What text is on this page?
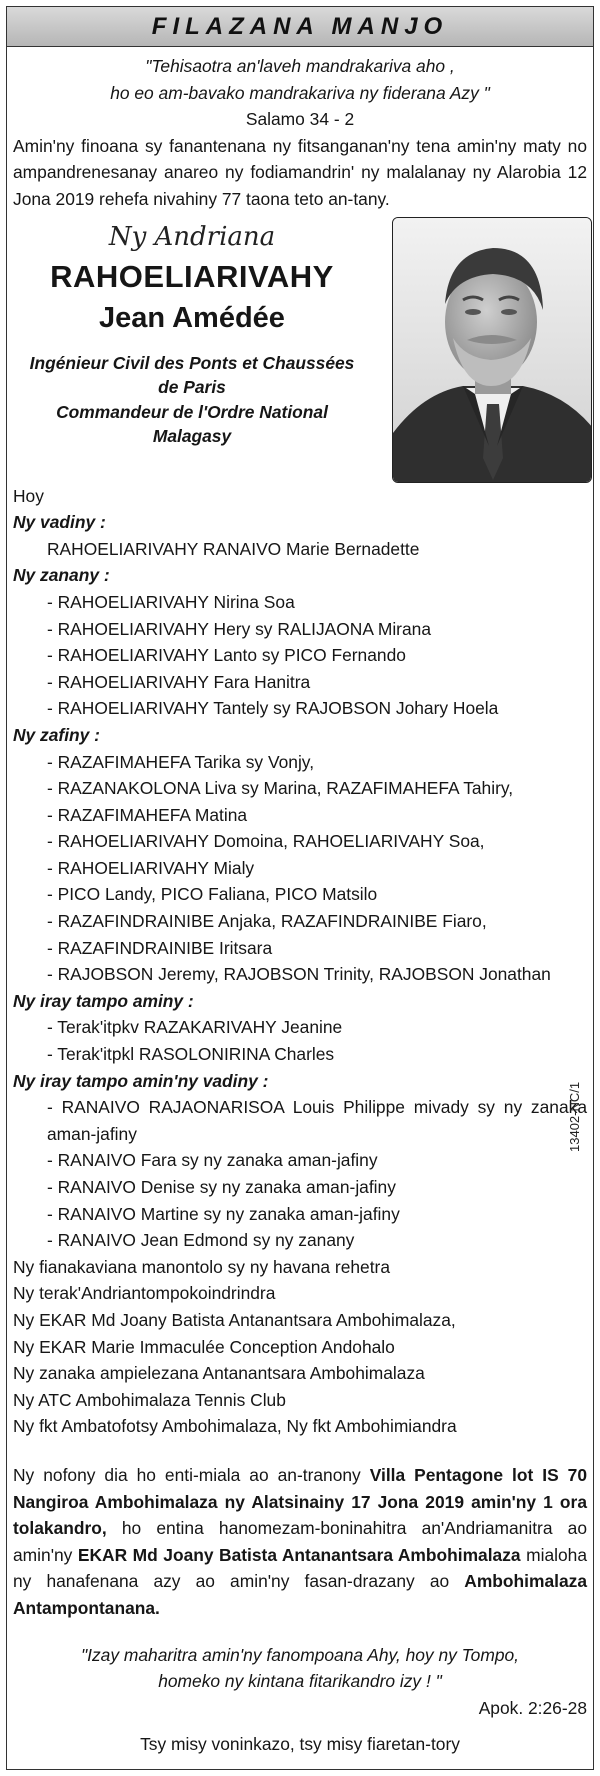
FILAZANA MANJO
"Tehisaotra an'laveh mandrakariva aho ,
ho eo am-bavako mandrakariva ny fiderana Azy "
Salamo 34 - 2
Amin'ny finoana sy fanantenana ny fitsanganan'ny tena amin'ny maty no ampandrenesanay anareo ny fodiamandrin' ny malalanay ny Alarobia 12 Jona 2019 rehefa nivahiny 77 taona teto an-tany.
Ny Andriana
RAHOELIARIVAHY
Jean Amédée
Ingénieur Civil des Ponts et Chaussées
de Paris
Commandeur de l'Ordre National
Malagasy
Hoy
Ny vadiny :
RAHOELIARIVAHY RANAIVO Marie Bernadette
Ny zanany :
- RAHOELIARIVAHY Nirina Soa
- RAHOELIARIVAHY Hery sy RALIJAONA Mirana
- RAHOELIARIVAHY Lanto sy PICO Fernando
- RAHOELIARIVAHY Fara Hanitra
- RAHOELIARIVAHY Tantely sy RAJOBSON Johary Hoela
Ny zafiny :
- RAZAFIMAHEFA Tarika sy Vonjy,
- RAZANAKOLONA Liva sy Marina, RAZAFIMAHEFA Tahiry,
- RAZAFIMAHEFA Matina
- RAHOELIARIVAHY Domoina, RAHOELIARIVAHY Soa,
- RAHOELIARIVAHY Mialy
- PICO Landy, PICO Faliana, PICO Matsilo
- RAZAFINDRAINIBE Anjaka, RAZAFINDRAINIBE Fiaro,
- RAZAFINDRAINIBE Iritsara
- RAJOBSON Jeremy, RAJOBSON Trinity, RAJOBSON Jonathan
Ny iray tampo aminy :
- Terak'itpkv RAZAKARIVAHY Jeanine
- Terak'itpkl RASOLONIRINA Charles
Ny iray tampo amin'ny vadiny :
- RANAIVO RAJAONARISOA Louis Philippe mivady sy ny zanaka aman-jafiny
- RANAIVO Fara sy ny zanaka aman-jafiny
- RANAIVO Denise sy ny zanaka aman-jafiny
- RANAIVO Martine sy ny zanaka aman-jafiny
- RANAIVO Jean Edmond sy ny zanany
Ny fianakaviana manontolo sy ny havana rehetra
Ny terak'Andriantompokoindrindra
Ny EKAR Md Joany Batista Antanantsara Ambohimalaza,
Ny EKAR Marie Immaculée Conception Andohalo
Ny zanaka ampielezana Antanantsara Ambohimalaza
Ny ATC Ambohimalaza Tennis Club
Ny fkt Ambatofotsy Ambohimalaza, Ny fkt Ambohimiandra
Ny nofony dia ho enti-miala ao an-tranony Villa Pentagone lot IS 70 Nangiroa Ambohimalaza ny Alatsinainy 17 Jona 2019 amin'ny 1 ora tolakandro, ho entina hanomezam-boninahitra an'Andriamanitra ao amin'ny EKAR Md Joany Batista Antanantsara Ambohimalaza mialoha ny hanafenana azy ao amin'ny fasan-drazany ao Ambohimalaza Antampontanana.
"Izay maharitra amin'ny fanompoana Ahy, hoy ny Tompo,
homeko ny kintana fitarikandro izy ! "
Apok. 2:26-28
Tsy misy voninkazo, tsy misy fiaretan-tory
13402-NC/1
